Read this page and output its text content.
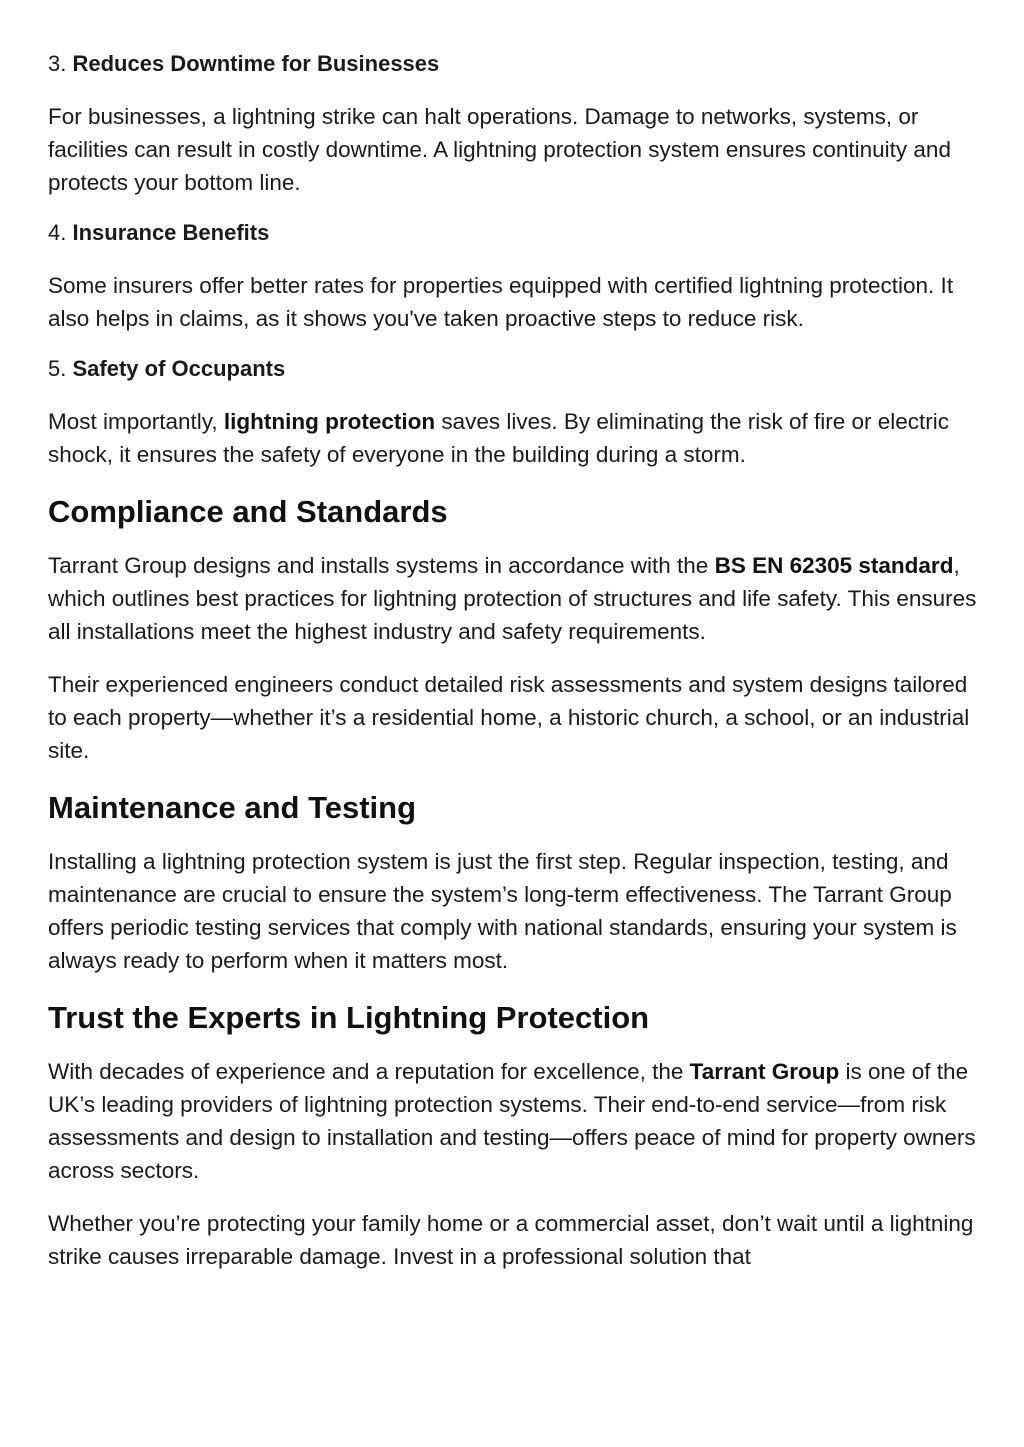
3. Reduces Downtime for Businesses

For businesses, a lightning strike can halt operations. Damage to networks, systems, or facilities can result in costly downtime. A lightning protection system ensures continuity and protects your bottom line.

4. Insurance Benefits

Some insurers offer better rates for properties equipped with certified lightning protection. It also helps in claims, as it shows you've taken proactive steps to reduce risk.

5. Safety of Occupants

Most importantly, lightning protection saves lives. By eliminating the risk of fire or electric shock, it ensures the safety of everyone in the building during a storm.

Compliance and Standards

Tarrant Group designs and installs systems in accordance with the BS EN 62305 standard, which outlines best practices for lightning protection of structures and life safety. This ensures all installations meet the highest industry and safety requirements.

Their experienced engineers conduct detailed risk assessments and system designs tailored to each property—whether it’s a residential home, a historic church, a school, or an industrial site.

Maintenance and Testing

Installing a lightning protection system is just the first step. Regular inspection, testing, and maintenance are crucial to ensure the system’s long-term effectiveness. The Tarrant Group offers periodic testing services that comply with national standards, ensuring your system is always ready to perform when it matters most.

Trust the Experts in Lightning Protection

With decades of experience and a reputation for excellence, the Tarrant Group is one of the UK’s leading providers of lightning protection systems. Their end-to-end service—from risk assessments and design to installation and testing—offers peace of mind for property owners across sectors.

Whether you’re protecting your family home or a commercial asset, don’t wait until a lightning strike causes irreparable damage. Invest in a professional solution that
